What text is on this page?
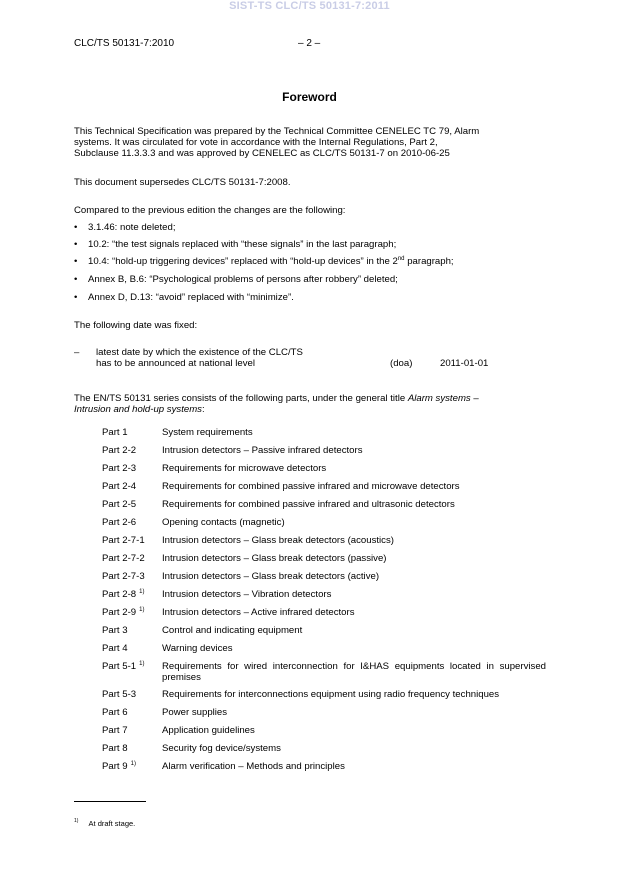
SIST-TS CLC/TS 50131-7:2011
CLC/TS 50131-7:2010	– 2 –
Foreword
This Technical Specification was prepared by the Technical Committee CENELEC TC 79, Alarm
systems. It was circulated for vote in accordance with the Internal Regulations, Part 2,
Subclause 11.3.3.3 and was approved by CENELEC as CLC/TS 50131-7 on 2010-06-25
This document supersedes CLC/TS 50131-7:2008.
Compared to the previous edition the changes are the following:
• 3.1.46: note deleted;
• 10.2: “the test signals replaced with “these signals” in the last paragraph;
• 10.4: “hold-up triggering devices” replaced with “hold-up devices” in the 2nd paragraph;
• Annex B, B.6: “Psychological problems of persons after robbery” deleted;
• Annex D, D.13: “avoid” replaced with “minimize”.
The following date was fixed:
– latest date by which the existence of the CLC/TS
has to be announced at national level	(doa)	2011-01-01
The EN/TS 50131 series consists of the following parts, under the general title Alarm systems –
Intrusion and hold-up systems:
Part 1	System requirements
Part 2-2	Intrusion detectors – Passive infrared detectors
Part 2-3	Requirements for microwave detectors
Part 2-4	Requirements for combined passive infrared and microwave detectors
Part 2-5	Requirements for combined passive infrared and ultrasonic detectors
Part 2-6	Opening contacts (magnetic)
Part 2-7-1 Intrusion detectors – Glass break detectors (acoustics)
Part 2-7-2 Intrusion detectors – Glass break detectors (passive)
Part 2-7-3 Intrusion detectors – Glass break detectors (active)
Part 2-8 $^{1)}$ Intrusion detectors – Vibration detectors
Part 2-9 $^{1)}$ Intrusion detectors – Active infrared detectors
Part 3	Control and indicating equipment
Part 4	Warning devices
Part 5-1 $^{1)}$ Requirements for wired interconnection for I&HAS equipments located in supervised premises
Part 5-3	Requirements for interconnections equipment using radio frequency techniques
Part 6	Power supplies
Part 7	Application guidelines
Part 8	Security fog device/systems
Part 9 $^{1)}$	Alarm verification – Methods and principles
$^{1)}$ At draft stage.
